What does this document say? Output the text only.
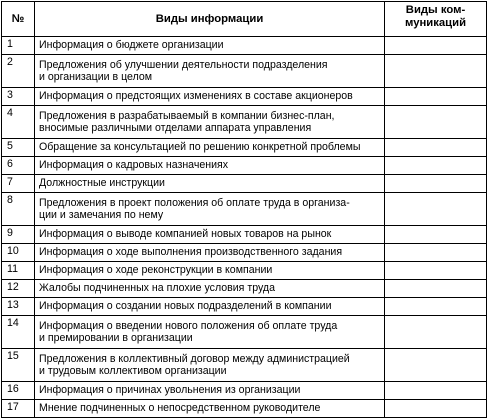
№	Виды информации	Виды ком-
муникаций
1	Информация о бюджете организации	
2	Предложения об улучшении деятельности подразделения
и организации в целом	
3	Информация о предстоящих изменениях в составе акционеров	
4	Предложения в разрабатываемый в компании бизнес-план,
вносимые различными отделами аппарата управления	
5	Обращение за консультацией по решению конкретной проблемы	
6	Информация о кадровых назначениях	
7	Должностные инструкции	
8	Предложения в проект положения об оплате труда в организа-
ции и замечания по нему	
9	Информация о выводе компанией новых товаров на рынок	
10	Информация о ходе выполнения производственного задания	
11	Информация о ходе реконструкции в компании	
12	Жалобы подчиненных на плохие условия труда	
13	Информация о создании новых подразделений в компании	
14	Информация о введении нового положения об оплате труда
и премировании в организации	
15	Предложения в коллективный договор между администрацией
и трудовым коллективом организации	
16	Информация о причинах увольнения из организации	
17	Мнение подчиненных о непосредственном руководителе	
